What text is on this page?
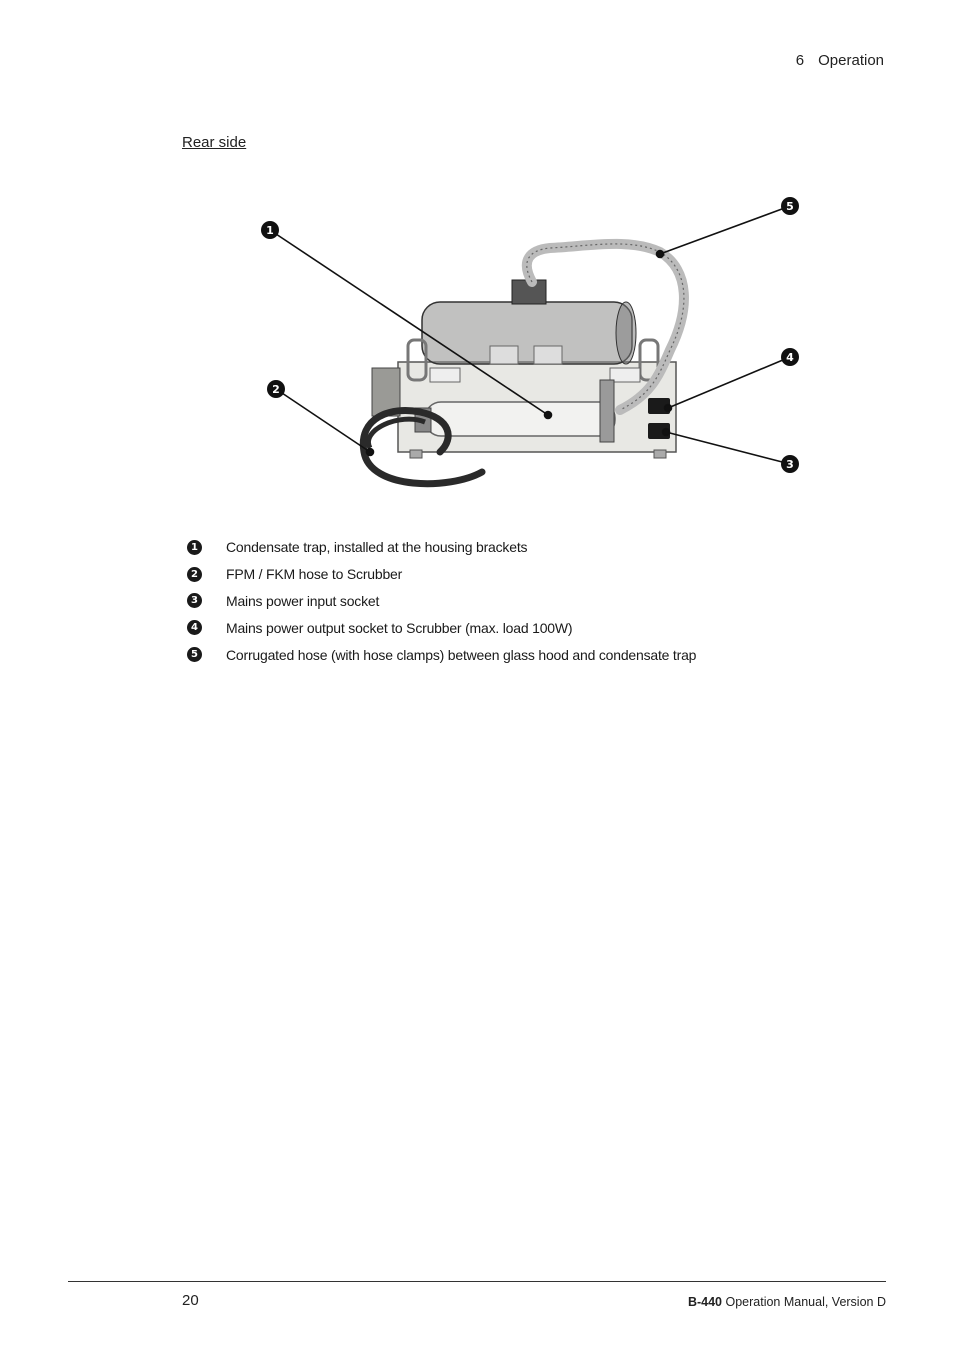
6 Operation
Rear side
1
2
3
4
5
1 Condensate trap, installed at the housing brackets
2 FPM / FKM hose to Scrubber
3 Mains power input socket
4 Mains power output socket to Scrubber (max. load 100W)
5 Corrugated hose (with hose clamps) between glass hood and condensate trap
20	B-440 Operation Manual, Version D
